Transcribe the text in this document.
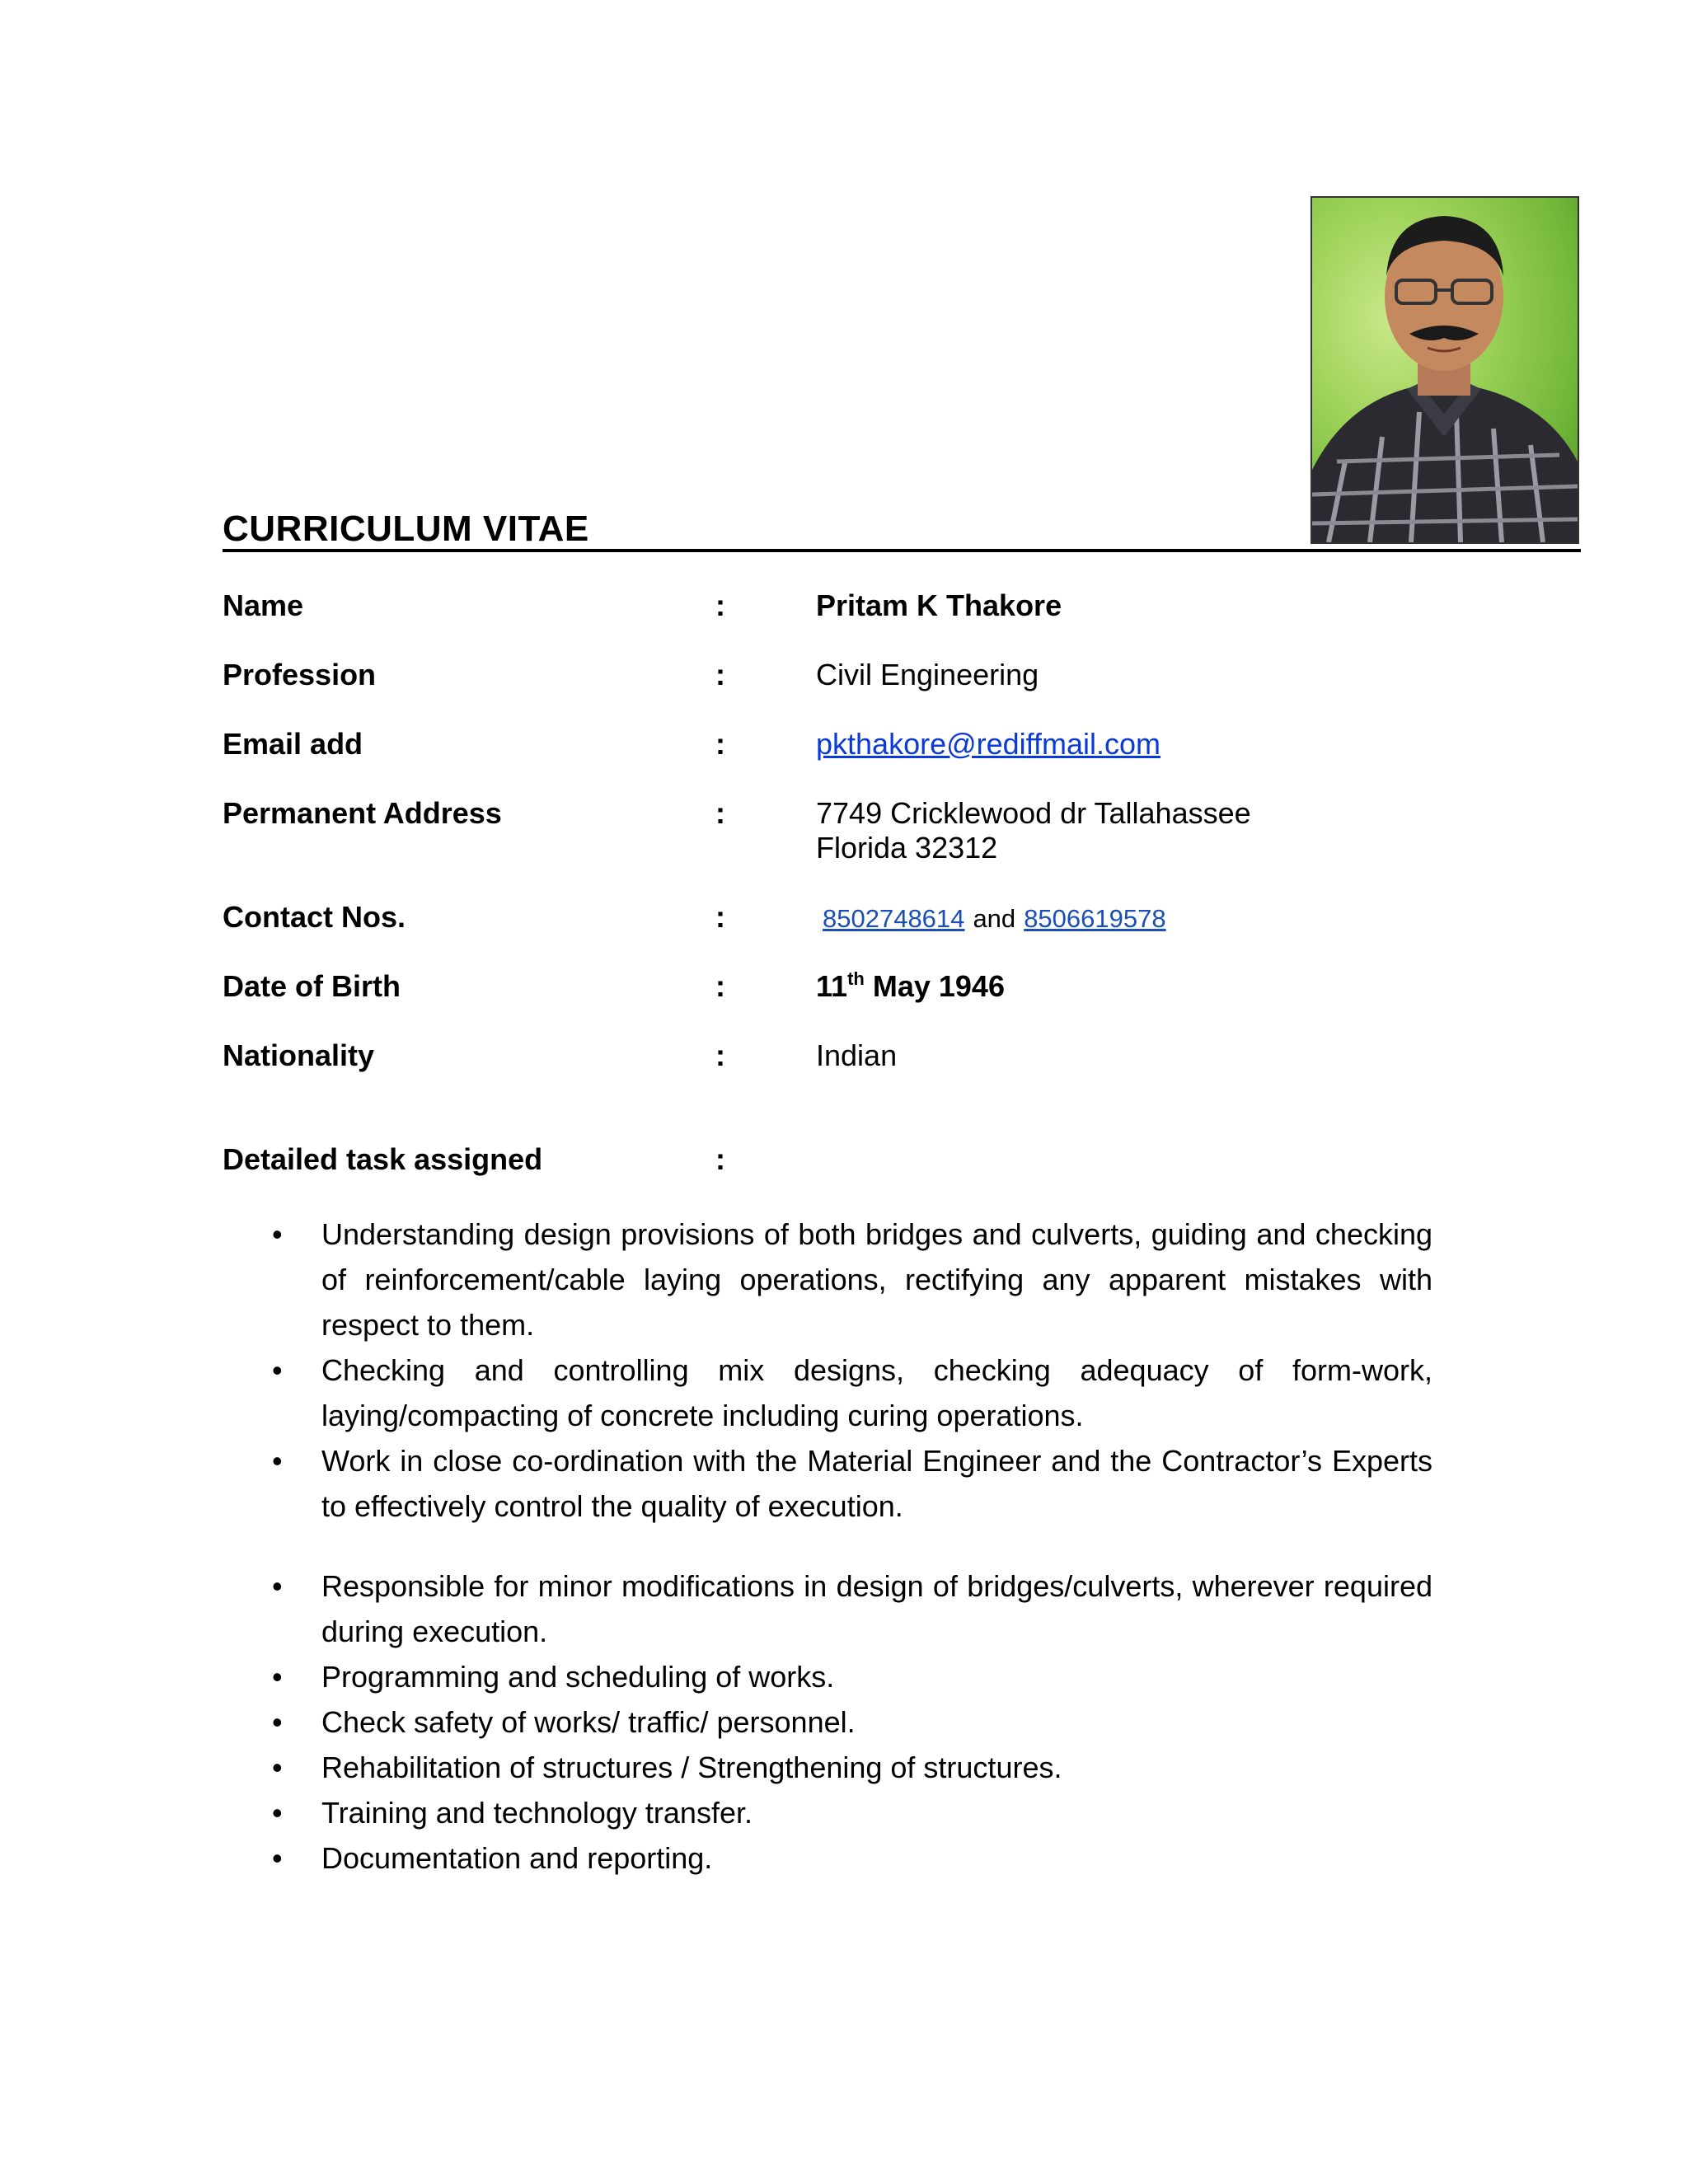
CURRICULUM VITAE
Name	:	Pritam K Thakore
Profession	:	Civil Engineering
Email add	:	pkthakore@rediffmail.com
Permanent Address	:	7749 Cricklewood dr Tallahassee
Florida 32312
Contact Nos.	:	8502748614 and 8506619578
Date of Birth	:	11th May 1946
Nationality	:	Indian
Detailed task assigned	:
• Understanding design provisions of both bridges and culverts, guiding and checking of reinforcement/cable laying operations, rectifying any apparent mistakes with respect to them.
• Checking and controlling mix designs, checking adequacy of form-work, laying/compacting of concrete including curing operations.
• Work in close co-ordination with the Material Engineer and the Contractor’s Experts to effectively control the quality of execution.
• Responsible for minor modifications in design of bridges/culverts, wherever required during execution.
• Programming and scheduling of works.
• Check safety of works/ traffic/ personnel.
• Rehabilitation of structures / Strengthening of structures.
• Training and technology transfer.
• Documentation and reporting.
